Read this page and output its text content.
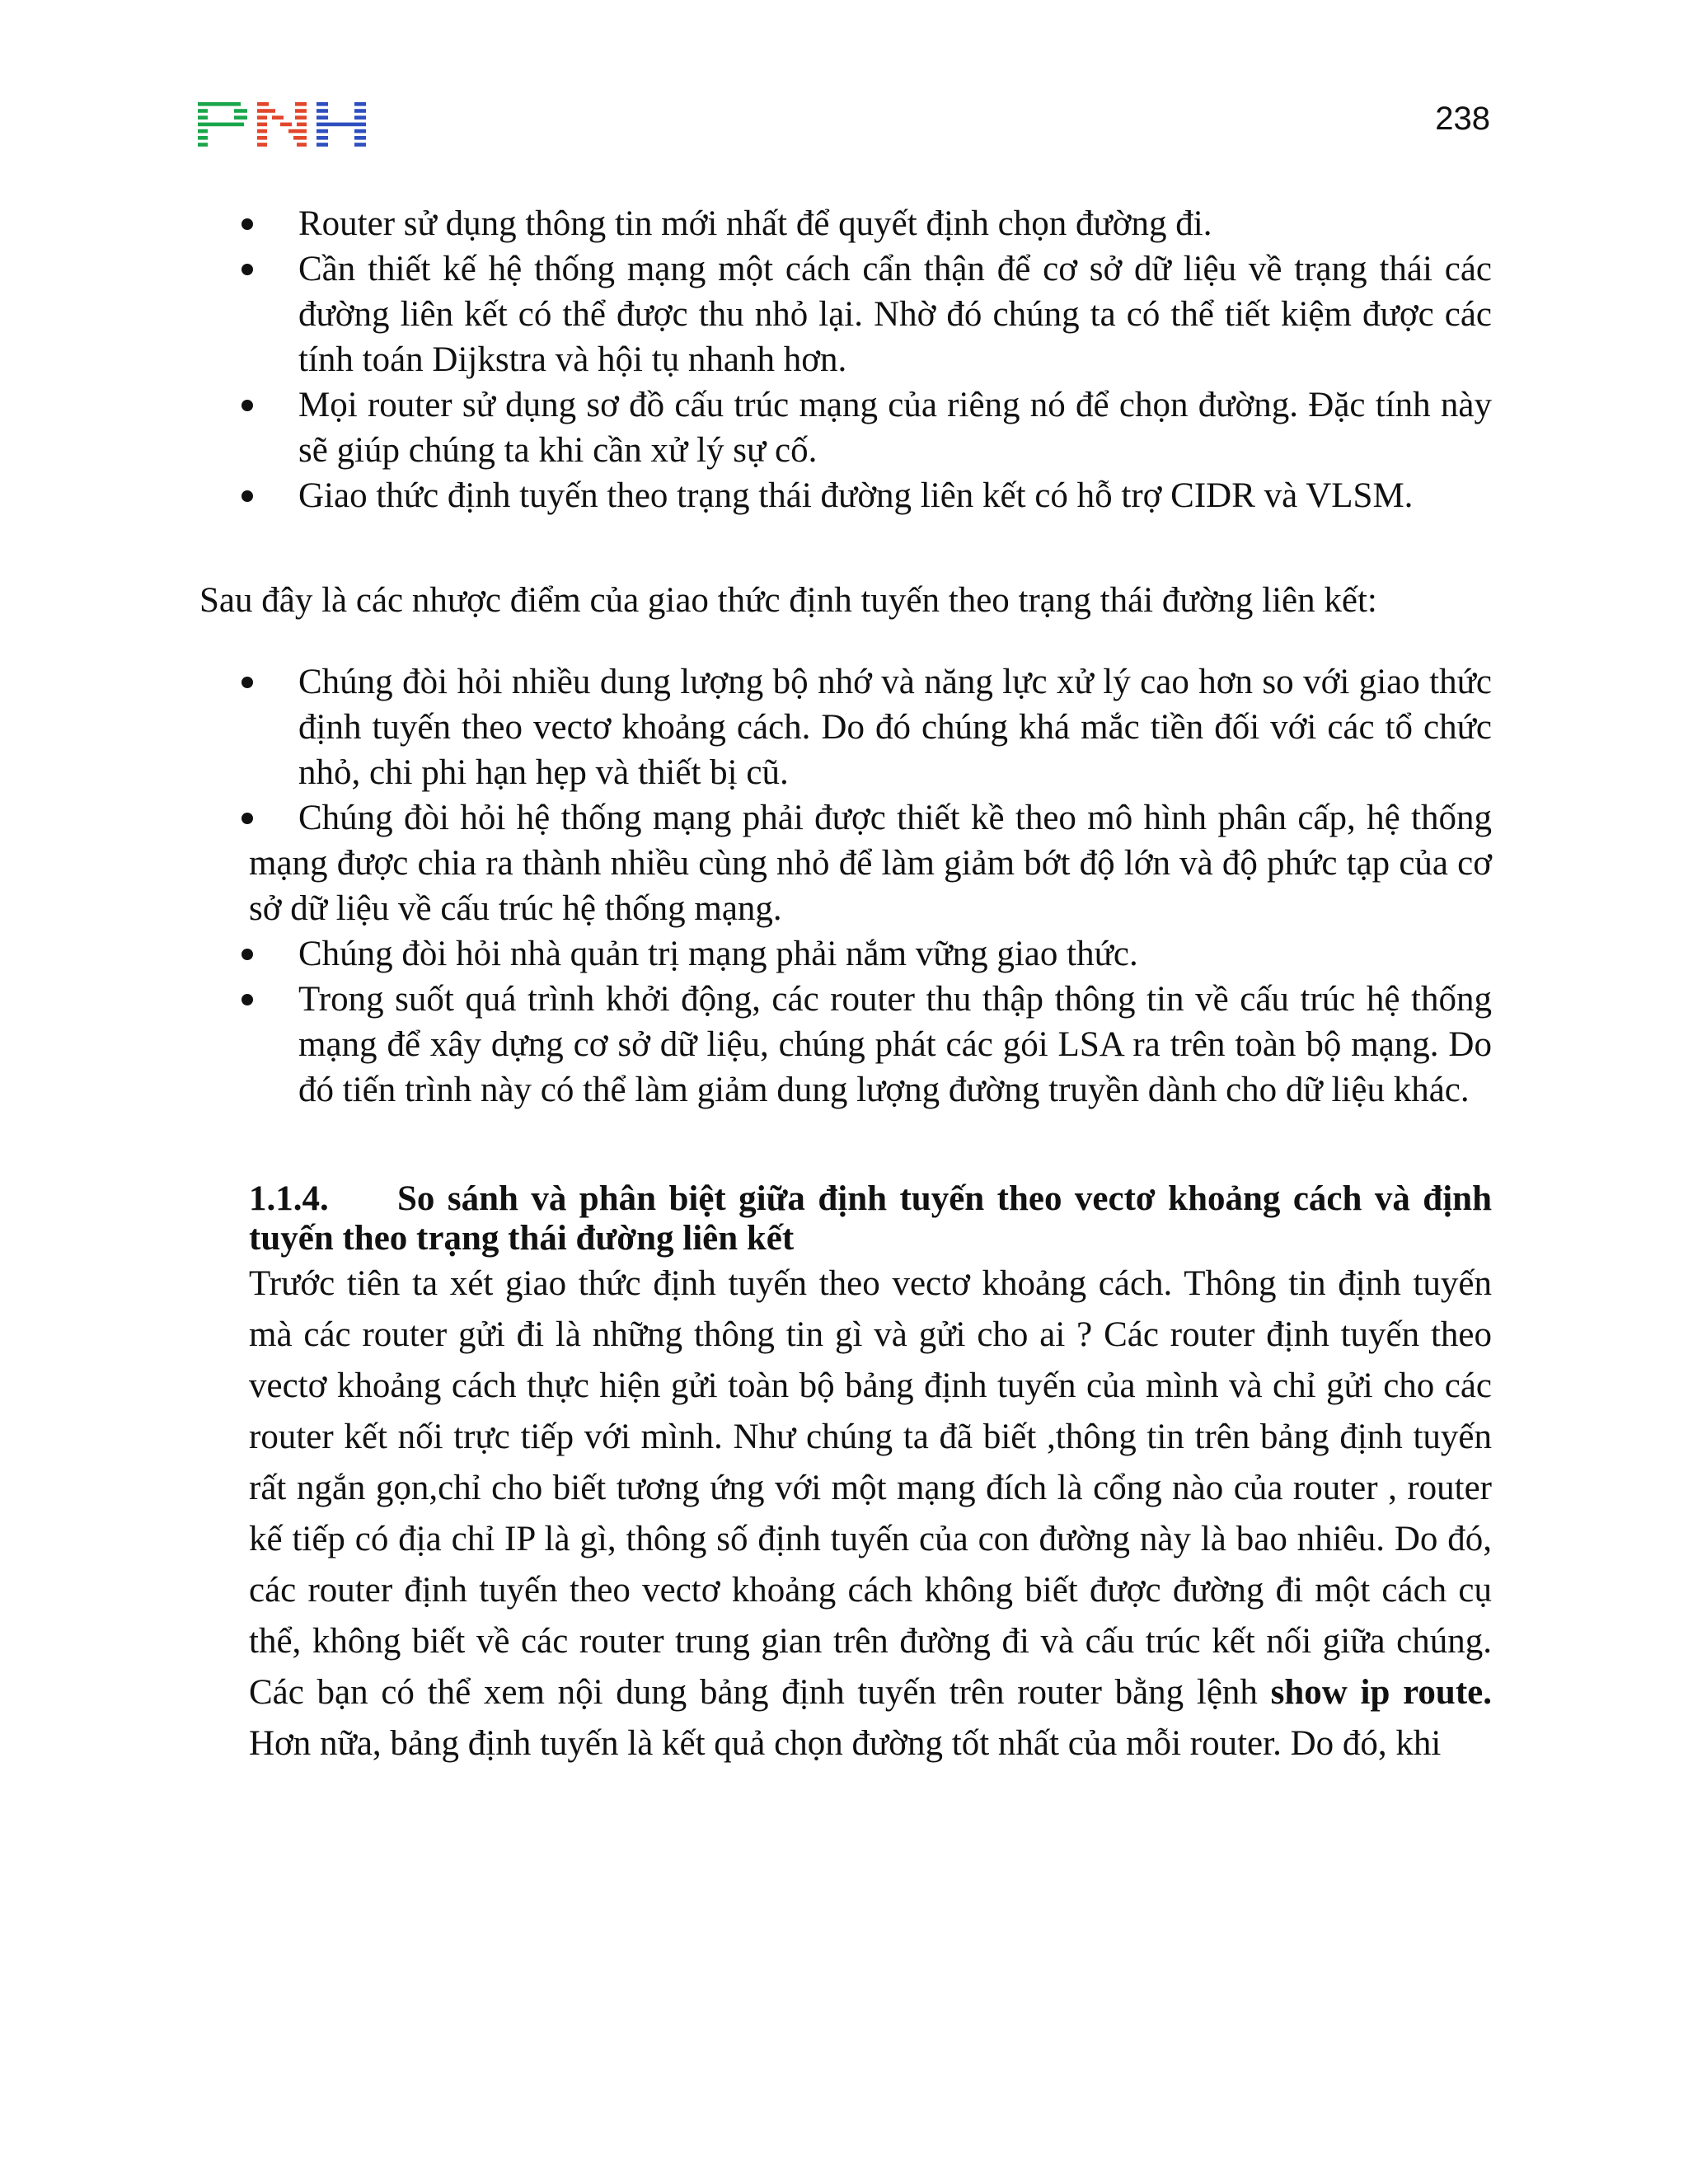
238
Router sử dụng thông tin mới nhất để quyết định chọn đường đi.
Cần thiết kế hệ thống mạng một cách cẩn thận để cơ sở dữ liệu về trạng thái các đường liên kết có thể được thu nhỏ lại. Nhờ đó chúng ta có thể tiết kiệm được các tính toán Dijkstra và hội tụ nhanh hơn.
Mọi router sử dụng sơ đồ cấu trúc mạng của riêng nó để chọn đường. Đặc tính này sẽ giúp chúng ta khi cần xử lý sự cố.
Giao thức định tuyến theo trạng thái đường liên kết có hỗ trợ CIDR và VLSM.

Sau đây là các nhược điểm của giao thức định tuyến theo trạng thái đường liên kết:

Chúng đòi hỏi nhiều dung lượng bộ nhớ và năng lực xử lý cao hơn so với giao thức định tuyến theo vectơ khoảng cách. Do đó chúng khá mắc tiền đối với các tổ chức nhỏ, chi phi hạn hẹp và thiết bị cũ.
Chúng đòi hỏi hệ thống mạng phải được thiết kề theo mô hình phân cấp, hệ thống mạng được chia ra thành nhiều cùng nhỏ để làm giảm bớt độ lớn và độ phức tạp của cơ sở dữ liệu về cấu trúc hệ thống mạng.
Chúng đòi hỏi nhà quản trị mạng phải nắm vững giao thức.
Trong suốt quá trình khởi động, các router thu thập thông tin về cấu trúc hệ thống mạng để xây dựng cơ sở dữ liệu, chúng phát các gói LSA ra trên toàn bộ mạng. Do đó tiến trình này có thể làm giảm dung lượng đường truyền dành cho dữ liệu khác.
1.1.4. So sánh và phân biệt giữa định tuyến theo vectơ khoảng cách và định tuyến theo trạng thái đường liên kết

Trước tiên ta xét giao thức định tuyến theo vectơ khoảng cách. Thông tin định tuyến mà các router gửi đi là những thông tin gì và gửi cho ai ? Các router định tuyến theo vectơ khoảng cách thực hiện gửi toàn bộ bảng định tuyến của mình và chỉ gửi cho các router kết nối trực tiếp với mình. Như chúng ta đã biết ,thông tin trên bảng định tuyến rất ngắn gọn,chỉ cho biết tương ứng với một mạng đích là cổng nào của router , router kế tiếp có địa chỉ IP là gì, thông số định tuyến của con đường này là bao nhiêu. Do đó, các router định tuyến theo vectơ khoảng cách không biết được đường đi một cách cụ thể, không biết về các router trung gian trên đường đi và cấu trúc kết nối giữa chúng. Các bạn có thể xem nội dung bảng định tuyến trên router bằng lệnh show ip route. Hơn nữa, bảng định tuyến là kết quả chọn đường tốt nhất của mỗi router. Do đó, khi
